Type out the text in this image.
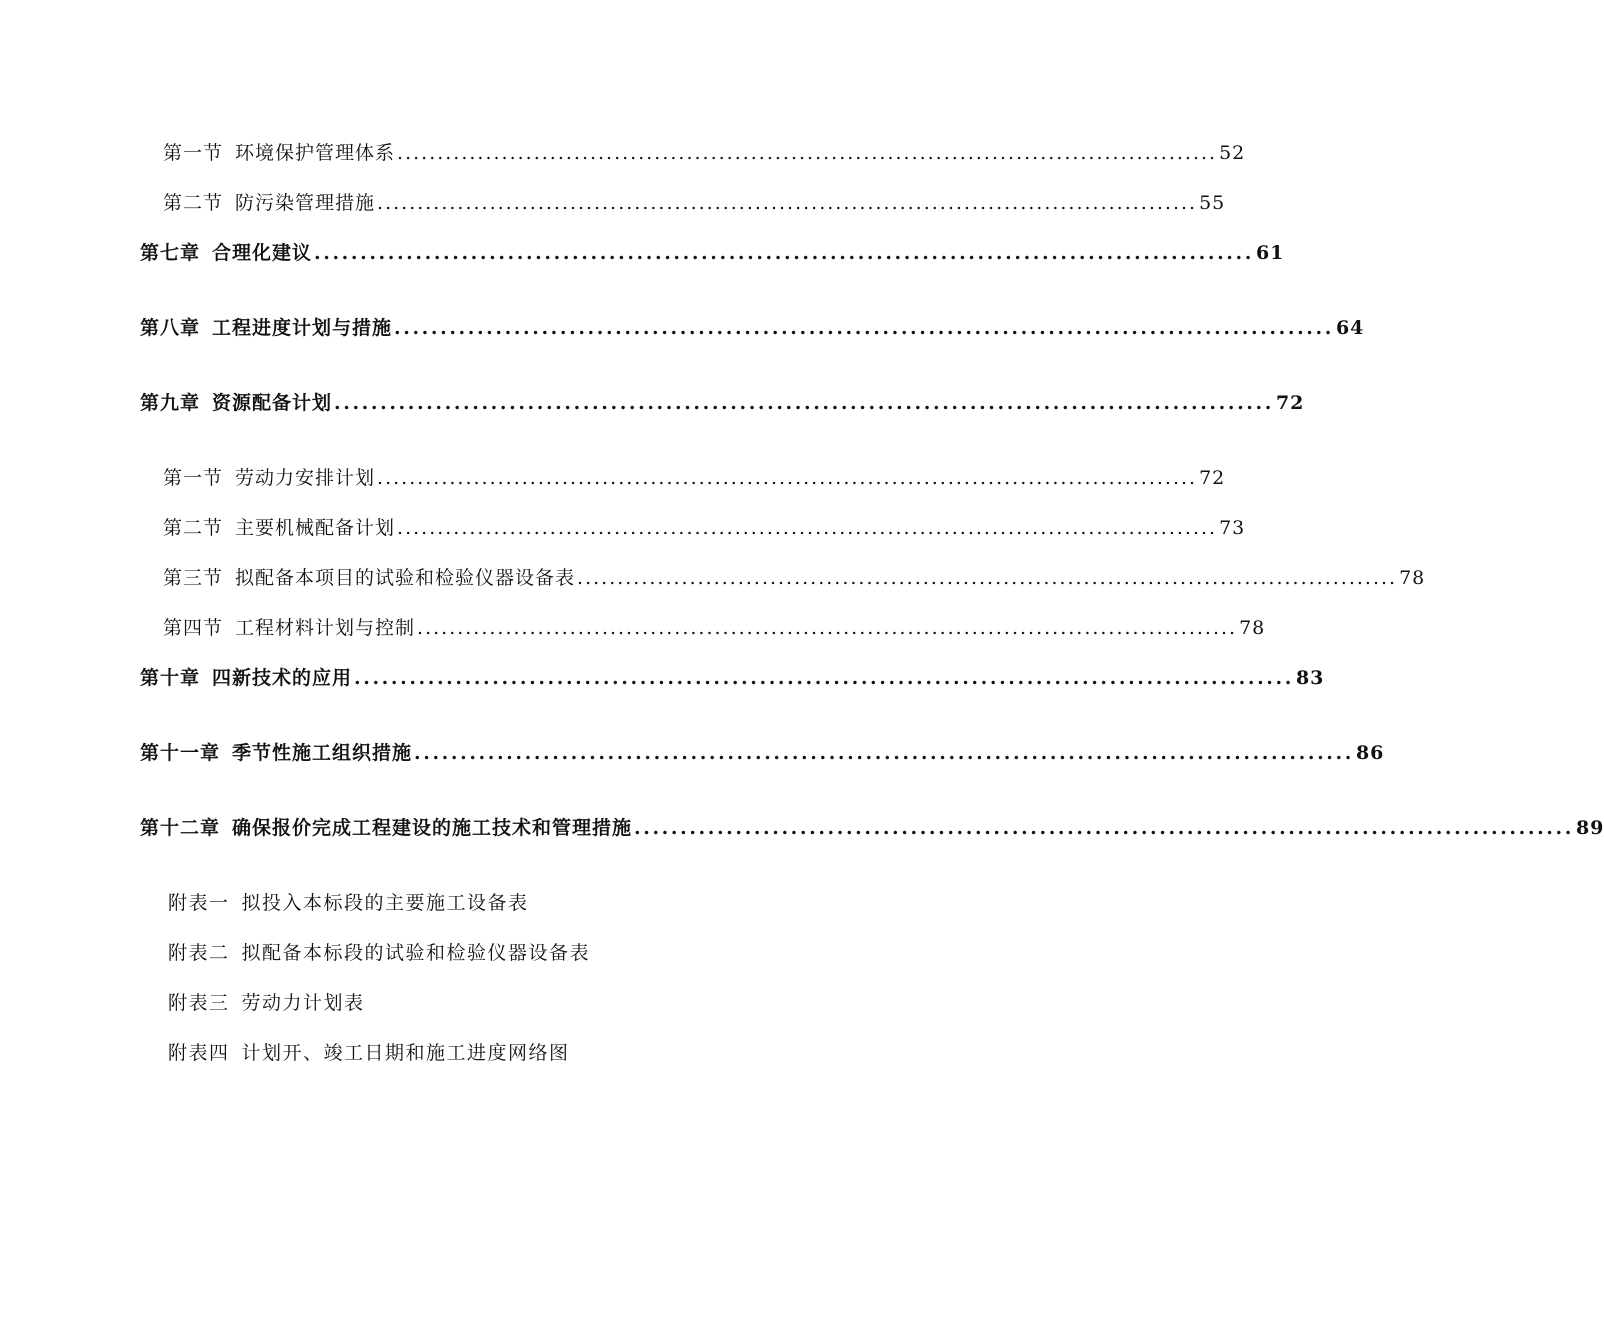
第一节 环境保护管理体系 ...................................................................................................... 52
第二节 防污染管理措施 ...................................................................................................... 55
第七章 合理化建议 ...................................................................................................... 61
第八章 工程进度计划与措施 ...................................................................................................... 64
第九章 资源配备计划 ...................................................................................................... 72
第一节 劳动力安排计划 ...................................................................................................... 72
第二节 主要机械配备计划 ...................................................................................................... 73
第三节 拟配备本项目的试验和检验仪器设备表 ...................................................................................................... 78
第四节 工程材料计划与控制 ...................................................................................................... 78
第十章 四新技术的应用 ...................................................................................................... 83
第十一章 季节性施工组织措施 ...................................................................................................... 86
第十二章 确保报价完成工程建设的施工技术和管理措施 ...................................................................................................... 89
附表一 拟投入本标段的主要施工设备表
附表二 拟配备本标段的试验和检验仪器设备表
附表三 劳动力计划表
附表四 计划开、竣工日期和施工进度网络图
